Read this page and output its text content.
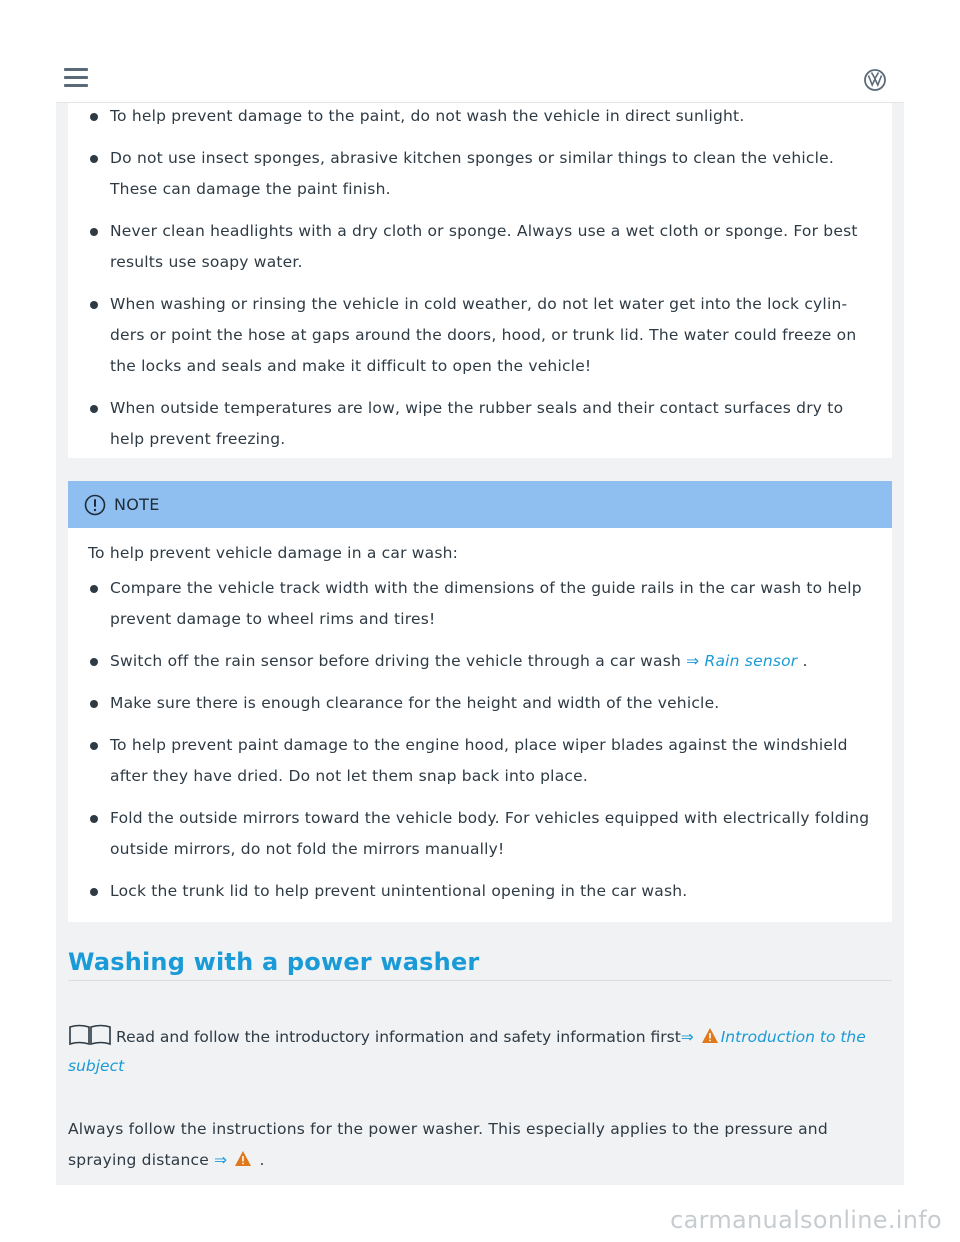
To help prevent damage to the paint, do not wash the vehicle in direct sunlight.
Do not use insect sponges, abrasive kitchen sponges or similar things to clean the vehicle. These can damage the paint finish.
Never clean headlights with a dry cloth or sponge. Always use a wet cloth or sponge. For best results use soapy water.
When washing or rinsing the vehicle in cold weather, do not let water get into the lock cylinders or point the hose at gaps around the doors, hood, or trunk lid. The water could freeze on the locks and seals and make it difficult to open the vehicle!
When outside temperatures are low, wipe the rubber seals and their contact surfaces dry to help prevent freezing.
NOTE
To help prevent vehicle damage in a car wash:
Compare the vehicle track width with the dimensions of the guide rails in the car wash to help prevent damage to wheel rims and tires!
Switch off the rain sensor before driving the vehicle through a car wash ⇒ Rain sensor .
Make sure there is enough clearance for the height and width of the vehicle.
To help prevent paint damage to the engine hood, place wiper blades against the windshield after they have dried. Do not let them snap back into place.
Fold the outside mirrors toward the vehicle body. For vehicles equipped with electrically folding outside mirrors, do not fold the mirrors manually!
Lock the trunk lid to help prevent unintentional opening in the car wash.
Washing with a power washer
Read and follow the introductory information and safety information first⇒ Introduction to the subject
Always follow the instructions for the power washer. This especially applies to the pressure and spraying distance ⇒  .
carmanualsonline.info
